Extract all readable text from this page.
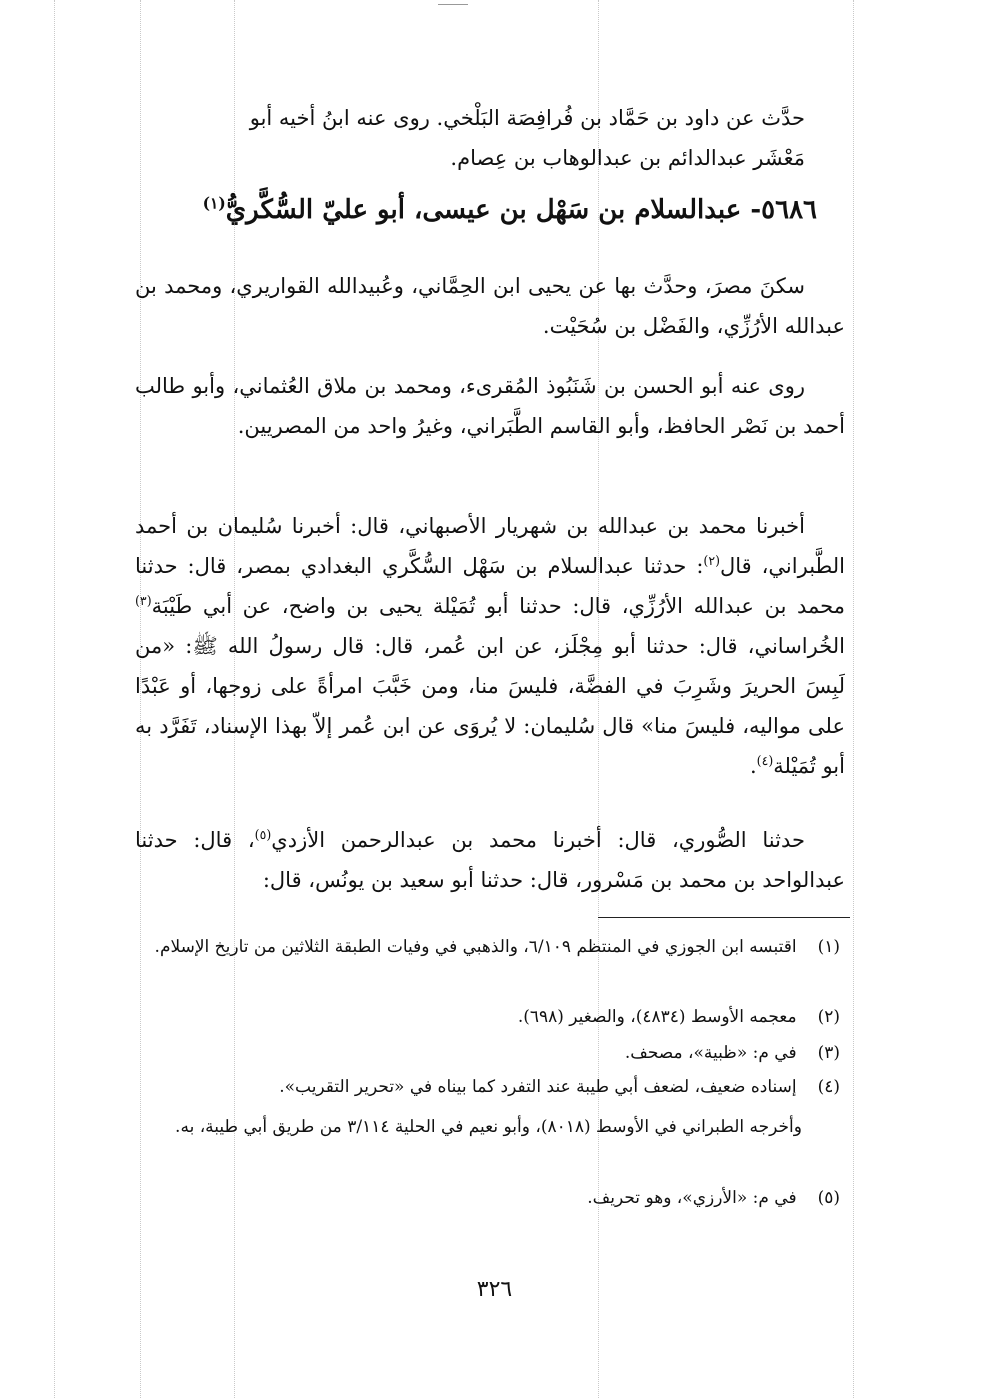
حدَّث عن داود بن حَمَّاد بن فُرافِصَة البَلْخي. روى عنه ابنُ أخيه أبو
مَعْشَر عبدالدائم بن عبدالوهاب بن عِصام.
٥٦٨٦- عبدالسلام بن سَهْل بن عيسى، أبو عليّ السُّكَّريُّ$^{(١)}$

سكنَ مصرَ، وحدَّث بها عن يحيى ابن الحِمَّاني، وعُبيدالله القواريري، ومحمد بن عبدالله الأرُزِّي، والفَضْل بن سُحَيْت.

روى عنه أبو الحسن بن شَنَبُوذ المُقرىء، ومحمد بن ملاق العُثماني، وأبو طالب أحمد بن نَصْر الحافظ، وأبو القاسم الطَّبَراني، وغيرُ واحد من المصريين.

أخبرنا محمد بن عبدالله بن شهريار الأصبهاني، قال: أخبرنا سُليمان بن أحمد الطَّبراني، قال$^{(٢)}$: حدثنا عبدالسلام بن سَهْل السُّكَّري البغدادي بمصر، قال: حدثنا محمد بن عبدالله الأرُزِّي، قال: حدثنا أبو تُمَيْلة يحيى بن واضح، عن أبي طَيْبَة$^{(٣)}$ الخُراساني، قال: حدثنا أبو مِجْلَز، عن ابن عُمر، قال: قال رسولُ الله ﷺ: «من لَبِسَ الحريرَ وشَرِبَ في الفضَّة، فليسَ منا، ومن خَبَّبَ امرأةً على زوجها، أو عَبْدًا على مواليه، فليسَ منا» قال سُليمان: لا يُروَى عن ابن عُمر إلاّ بهذا الإسناد، تَفَرَّد به أبو تُمَيْلة$^{(٤)}$.

حدثنا الصُّوري، قال: أخبرنا محمد بن عبدالرحمن الأزدي$^{(٥)}$، قال: حدثنا عبدالواحد بن محمد بن مَسْرور، قال: حدثنا أبو سعيد بن يونُس، قال:

(١) اقتبسه ابن الجوزي في المنتظم ٦/١٠٩، والذهبي في وفيات الطبقة الثلاثين من تاريخ الإسلام.
(٢) معجمه الأوسط (٤٨٣٤)، والصغير (٦٩٨).
(٣) في م: «ظبية»، مصحف.
(٤) إسناده ضعيف، لضعف أبي طيبة عند التفرد كما بيناه في «تحرير التقريب».
وأخرجه الطبراني في الأوسط (٨٠١٨)، وأبو نعيم في الحلية ٣/١١٤ من طريق أبي طيبة، به.
(٥) في م: «الأرزي»، وهو تحريف.
٣٢٦
